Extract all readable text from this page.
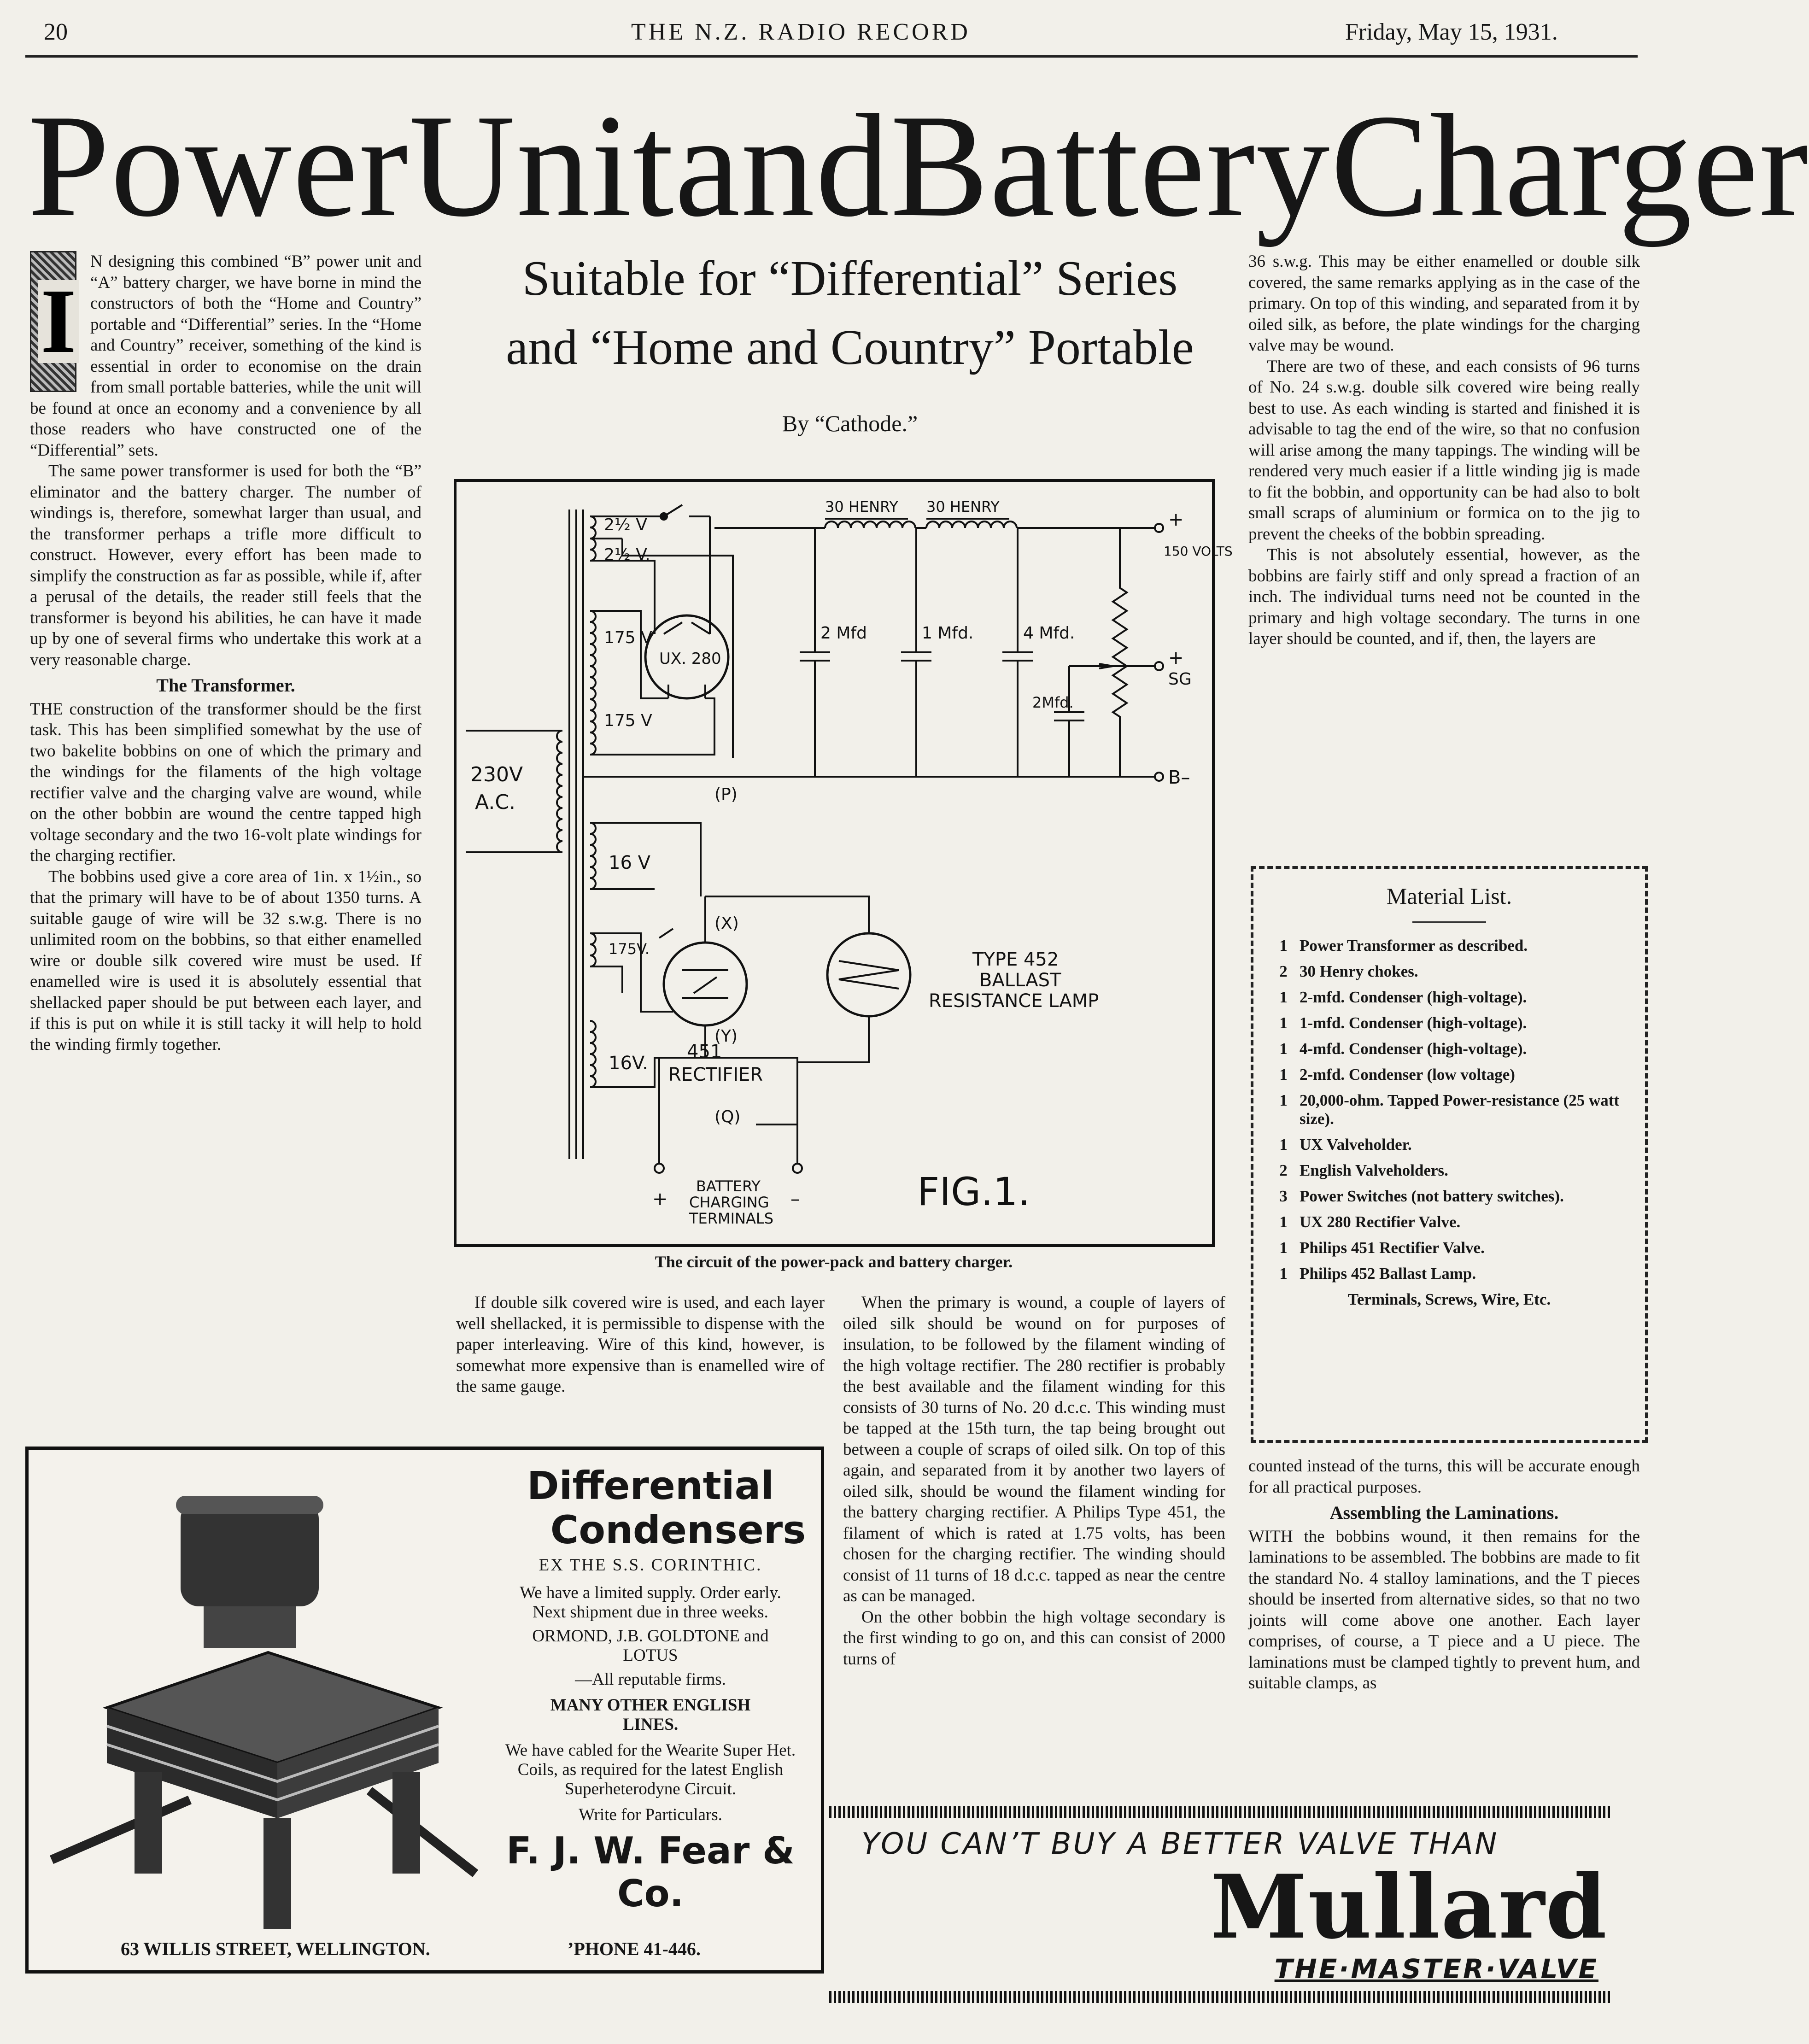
20	THE N.Z. RADIO RECORD	Friday, May 15, 1931.
Power Unit and Battery Charger
I

N designing this combined “B” power unit and “A” battery charger, we have borne in mind the constructors of both the “Home and Country” portable and “Differential” series. In the “Home and Country” receiver, something of the kind is essential in order to economise on the drain from small portable batteries, while the unit will be found at once an economy and a convenience by all those readers who have constructed one of the “Differential” sets.

The same power transformer is used for both the “B” eliminator and the battery charger. The number of windings is, therefore, somewhat larger than usual, and the transformer perhaps a trifle more difficult to construct. However, every effort has been made to simplify the construction as far as possible, while if, after a perusal of the details, the reader still feels that the transformer is beyond his abilities, he can have it made up by one of several firms who undertake this work at a very reasonable charge.

The Transformer.

THE construction of the transformer should be the first task. This has been simplified somewhat by the use of two bakelite bobbins on one of which the primary and the windings for the filaments of the high voltage rectifier valve and the charging valve are wound, while on the other bobbin are wound the centre tapped high voltage secondary and the two 16-volt plate windings for the charging rectifier.

The bobbins used give a core area of 1in. x 1½in., so that the primary will have to be of about 1350 turns. A suitable gauge of wire will be 32 s.w.g. There is no unlimited room on the bobbins, so that either enamelled wire or double silk covered wire must be used. If enamelled wire is used it is absolutely essential that shellacked paper should be put between each layer, and if this is put on while it is still tacky it will help to hold the winding firmly together.

Suitable for “Differential” Series
and “Home and Country” Portable
By “Cathode.”
2½ V
2½ V.
175 V
175 V
230V
A.C.
16 V
175V.
16V.
30 HENRY 30 HENRY
2 Mfd	1 Mfd.	4 Mfd.
2Mfd.
150 VOLTS
+
+
SG
B–
UX. 280
(P)
(Q)
(X)
(Y)
451
RECTIFIER
TYPE 452
BALLAST
RESISTANCE LAMP
BATTERY
CHARGING
TERMINALS
+	–	FIG.1.
The circuit of the power-pack and battery charger.

If double silk covered wire is used, and each layer well shellacked, it is permissible to dispense with the paper interleaving. Wire of this kind, however, is somewhat more expensive than is enamelled wire of the same gauge.

When the primary is wound, a couple of layers of oiled silk should be wound on for purposes of insulation, to be followed by the filament winding of the high voltage rectifier. The 280 rectifier is probably the best available and the filament winding for this consists of 30 turns of No. 20 d.c.c. This winding must be tapped at the 15th turn, the tap being brought out between a couple of scraps of oiled silk. On top of this again, and separated from it by another two layers of oiled silk, should be wound the filament winding for the battery charging rectifier. A Philips Type 451, the filament of which is rated at 1.75 volts, has been chosen for the charging rectifier. The winding should consist of 11 turns of 18 d.c.c. tapped as near the centre as can be managed.

On the other bobbin the high voltage secondary is the first winding to go on, and this can consist of 2000 turns of

36 s.w.g. This may be either enamelled or double silk covered, the same remarks applying as in the case of the primary. On top of this winding, and separated from it by oiled silk, as before, the plate windings for the charging valve may be wound.

There are two of these, and each consists of 96 turns of No. 24 s.w.g. double silk covered wire being really best to use. As each winding is started and finished it is advisable to tag the end of the wire, so that no confusion will arise among the many tappings. The winding will be rendered very much easier if a little winding jig is made to fit the bobbin, and opportunity can be had also to bolt small scraps of aluminium or formica on to the jig to prevent the cheeks of the bobbin spreading.

This is not absolutely essential, however, as the bobbins are fairly stiff and only spread a fraction of an inch. The individual turns need not be counted in the primary and high voltage secondary. The turns in one layer should be counted, and if, then, the layers are

Material List.
1 Power Transformer as described.
2 30 Henry chokes.
1 2-mfd. Condenser (high-voltage).
1 1-mfd. Condenser (high-voltage).
1 4-mfd. Condenser (high-voltage).
1 2-mfd. Condenser (low voltage)
1 20,000-ohm. Tapped Power-resistance (25 watt size).
1 UX Valveholder.
2 English Valveholders.
3 Power Switches (not battery switches).
1 UX 280 Rectifier Valve.
1 Philips 451 Rectifier Valve.
1 Philips 452 Ballast Lamp.
Terminals, Screws, Wire, Etc.

counted instead of the turns, this will be accurate enough for all practical purposes.

Assembling the Laminations.

WITH the bobbins wound, it then remains for the laminations to be assembled. The bobbins are made to fit the standard No. 4 stalloy laminations, and the T pieces should be inserted from alternative sides, so that no two joints will come above one another. Each layer comprises, of course, a T piece and a U piece. The laminations must be clamped tightly to prevent hum, and suitable clamps, as

Differential
Condensers
EX THE S.S. CORINTHIC.
We have a limited supply. Order early. Next shipment due in three weeks.
ORMOND, J.B. GOLDTONE and LOTUS
—All reputable firms.
MANY OTHER ENGLISH LINES.
We have cabled for the Wearite Super Het. Coils, as required for the latest English Superheterodyne Circuit.
Write for Particulars.
F. J. W. Fear & Co.
63 WILLIS STREET, WELLINGTON.	’PHONE 41-446.
YOU CAN’T BUY A BETTER VALVE THAN
Mullard
THE·MASTER·VALVE
